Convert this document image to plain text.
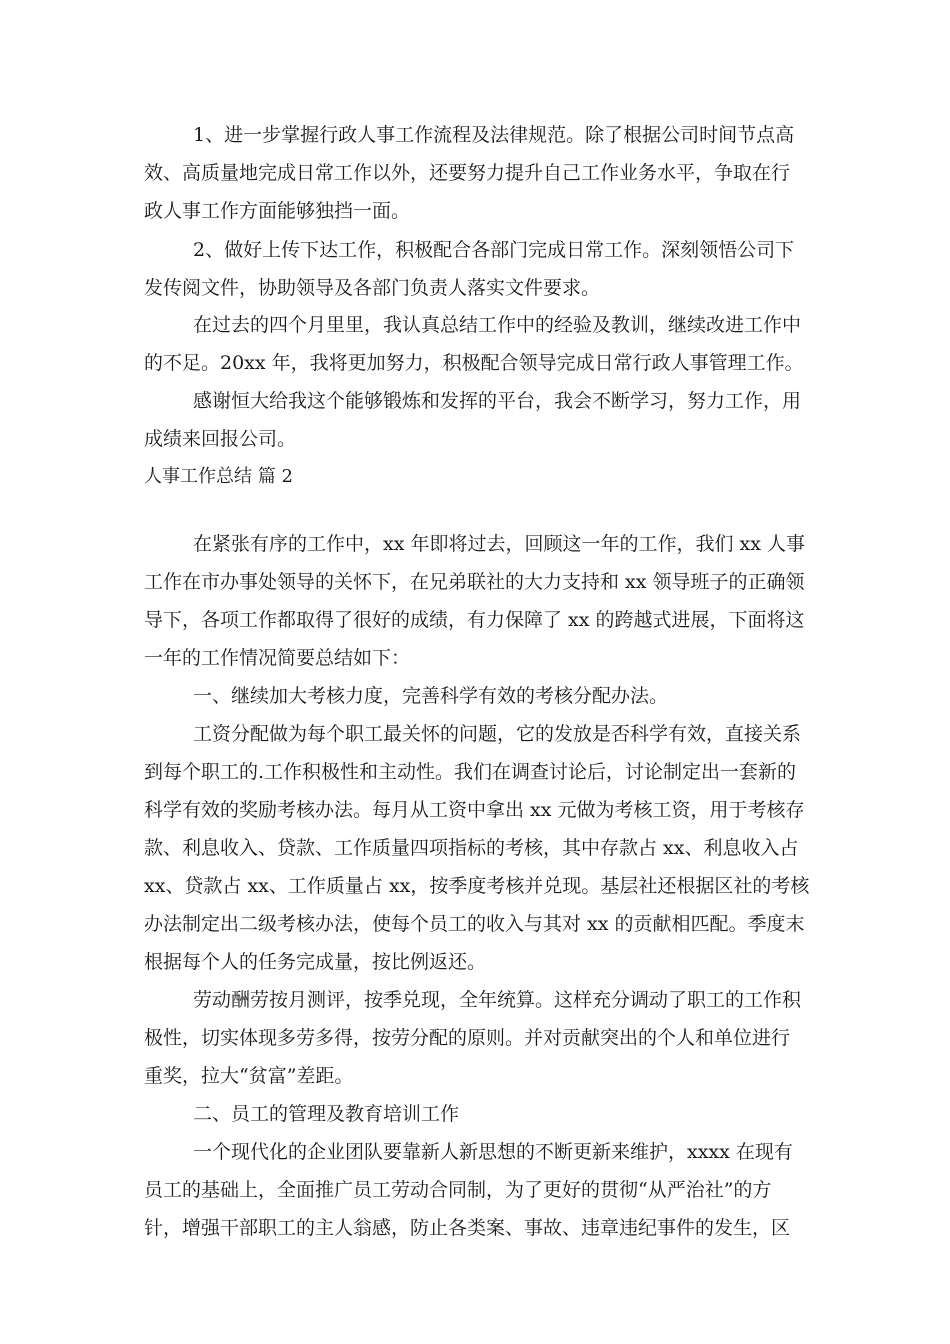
1、进一步掌握行政人事工作流程及法律规范。除了根据公司时间节点高
效、高质量地完成日常工作以外，还要努力提升自己工作业务水平，争取在行
政人事工作方面能够独挡一面。
2、做好上传下达工作，积极配合各部门完成日常工作。深刻领悟公司下
发传阅文件，协助领导及各部门负责人落实文件要求。
在过去的四个月里里，我认真总结工作中的经验及教训，继续改进工作中
的不足。20xx 年，我将更加努力，积极配合领导完成日常行政人事管理工作。
感谢恒大给我这个能够锻炼和发挥的平台，我会不断学习，努力工作，用
成绩来回报公司。
人事工作总结 篇 2
在紧张有序的工作中，xx 年即将过去，回顾这一年的工作，我们 xx 人事
工作在市办事处领导的关怀下，在兄弟联社的大力支持和 xx 领导班子的正确领
导下，各项工作都取得了很好的成绩，有力保障了 xx 的跨越式进展，下面将这
一年的工作情况简要总结如下：
一、继续加大考核力度，完善科学有效的考核分配办法。
工资分配做为每个职工最关怀的问题，它的发放是否科学有效，直接关系
到每个职工的.工作积极性和主动性。我们在调查讨论后，讨论制定出一套新的
科学有效的奖励考核办法。每月从工资中拿出 xx 元做为考核工资，用于考核存
款、利息收入、贷款、工作质量四项指标的考核，其中存款占 xx、利息收入占
xx、贷款占 xx、工作质量占 xx，按季度考核并兑现。基层社还根据区社的考核
办法制定出二级考核办法，使每个员工的收入与其对 xx 的贡献相匹配。季度末
根据每个人的任务完成量，按比例返还。
劳动酬劳按月测评，按季兑现，全年统算。这样充分调动了职工的工作积
极性，切实体现多劳多得，按劳分配的原则。并对贡献突出的个人和单位进行
重奖，拉大“贫富”差距。
二、员工的管理及教育培训工作
一个现代化的企业团队要靠新人新思想的不断更新来维护，xxxx 在现有
员工的基础上，全面推广员工劳动合同制，为了更好的贯彻“从严治社”的方
针，增强干部职工的主人翁感，防止各类案、事故、违章违纪事件的发生，区
